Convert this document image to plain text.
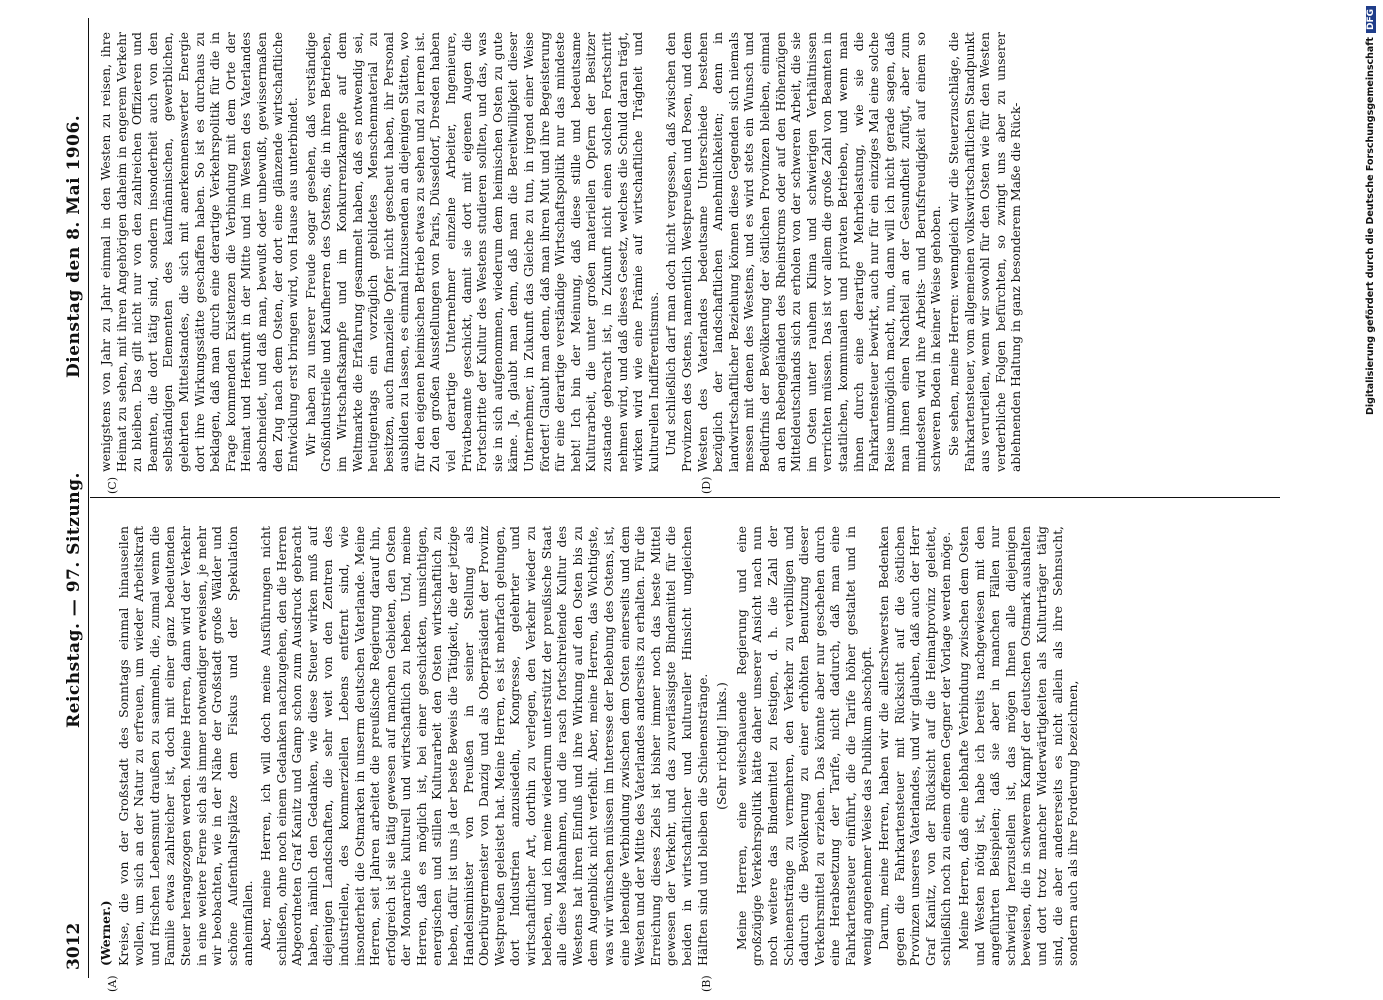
3012
Reichstag. — 97. Sitzung.
Dienstag den 8. Mai 1906.
(A)	(B)
(C)	(D)

(Werner.) Kreise, die von der Großstadt des Sonntags einmal hinauseilen wollen, um sich an der Natur zu erfreuen, um wieder Arbeitskraft und frischen Lebensmut draußen zu sammeln, die, zumal wenn die Familie etwas zahlreicher ist, doch mit einer ganz bedeutenden Steuer herangezogen werden. Meine Herren, dann wird der Verkehr in eine weitere Ferne sich als immer notwendiger erweisen, je mehr wir beobachten, wie in der Nähe der Großstadt große Wälder und schöne Aufenthaltsplätze dem Fiskus und der Spekulation anheimfallen. Aber, meine Herren, ich will doch meine Ausführungen nicht schließen, ohne noch einem Gedanken nachzugehen, den die Herren Abgeordneten Graf Kanitz und Gamp schon zum Ausdruck gebracht haben, nämlich den Gedanken, wie diese Steuer wirken muß auf diejenigen Landschaften, die sehr weit von den Zentren des industriellen, des kommerziellen Lebens entfernt sind, wie insonderheit die Ostmarken in unserm deutschen Vaterlande. Meine Herren, seit Jahren arbeitet die preußische Regierung darauf hin, erfolgreich ist sie tätig gewesen auf manchen Gebieten, den Osten der Monarchie kulturell und wirtschaftlich zu heben. Und, meine Herren, daß es möglich ist, bei einer geschickten, umsichtigen, energischen und stillen Kulturarbeit den Osten wirtschaftlich zu heben, dafür ist uns ja der beste Beweis die Tätigkeit, die der jetzige Handelsminister von Preußen in seiner Stellung als Oberbürgermeister von Danzig und als Oberpräsident der Provinz Westpreußen geleistet hat. Meine Herren, es ist mehrfach gelungen, dort Industrien anzusiedeln, Kongresse, gelehrter und wirtschaftlicher Art, dorthin zu verlegen, den Verkehr wieder zu beleben, und ich meine wiederum unterstützt der preußische Staat alle diese Maßnahmen, und die rasch fortschreitende Kultur des Westens hat ihren Einfluß und ihre Wirkung auf den Osten bis zu dem Augenblick nicht verfehlt. Aber, meine Herren, das Wichtigste, was wir wünschen müssen im Interesse der Belebung des Ostens, ist, eine lebendige Verbindung zwischen dem Osten einerseits und dem Westen und der Mitte des Vaterlandes anderseits zu erhalten. Für die Erreichung dieses Ziels ist bisher immer noch das beste Mittel gewesen der Verkehr, und das zuverlässigste Bindemittel für die beiden in wirtschaftlicher und kultureller Hinsicht ungleichen Hälften sind und bleiben die Schienenstränge. (Sehr richtig! links.) Meine Herren, eine weitschauende Regierung und eine großzügige Verkehrspolitik hätte daher unserer Ansicht nach nun noch weitere das Bindemittel zu festigen, d. h. die Zahl der Schienenstränge zu vermehren, den Verkehr zu verbilligen und dadurch die Bevölkerung zu einer erhöhten Benutzung dieser Verkehrsmittel zu erziehen. Das könnte aber nur geschehen durch eine Herabsetzung der Tarife, nicht dadurch, daß man eine Fahrkartensteuer einführt, die die Tarife höher gestaltet und in wenig angenehmer Weise das Publikum abschöpft. Darum, meine Herren, haben wir die allerschwersten Bedenken gegen die Fahrkartensteuer mit Rücksicht auf die östlichen Provinzen unseres Vaterlandes, und wir glauben, daß auch der Herr Graf Kanitz, von der Rücksicht auf die Heimatprovinz geleitet, schließlich noch zu einem offenen Gegner der Vorlage werden möge. Meine Herren, daß eine lebhafte Verbindung zwischen dem Osten und Westen nötig ist, habe ich bereits nachgewiesen mit den angeführten Beispielen; daß sie aber in manchen Fällen nur schwierig herzustellen ist, das mögen Ihnen alle diejenigen beweisen, die in schwerem Kampf der deutschen Ostmark aushalten und dort trotz mancher Widerwärtigkeiten als Kulturträger tätig sind, die aber andererseits es nicht allein als ihre Sehnsucht, sondern auch als ihre Forderung bezeichnen,

wenigstens von Jahr zu Jahr einmal in den Westen zu reisen, ihre Heimat zu sehen, mit ihren Angehörigen daheim in engerem Verkehr zu bleiben. Das gilt nicht nur von den zahlreichen Offizieren und Beamten, die dort tätig sind, sondern insonderheit auch von den selbständigen Elementen des kaufmännischen, gewerblichen, gelehrten Mittelstandes, die sich mit anerkennenswerter Energie dort ihre Wirkungsstätte geschaffen haben. So ist es durchaus zu beklagen, daß man durch eine derartige Verkehrspolitik für die in Frage kommenden Existenzen die Verbindung mit dem Orte der Heimat und Herkunft in der Mitte und im Westen des Vaterlandes abschneidet, und daß man, bewußt oder unbewußt, gewissermaßen den Zug nach dem Osten, der dort eine glänzende wirtschaftliche Entwicklung erst bringen wird, von Hause aus unterbindet. Wir haben zu unserer Freude sogar gesehen, daß verständige Großindustrielle und Kaufherren des Ostens, die in ihren Betrieben, im Wirtschaftskampfe und im Konkurrenzkampfe auf dem Weltmarkte die Erfahrung gesammelt haben, daß es notwendig sei, heutigentags ein vorzüglich gebildetes Menschenmaterial zu besitzen, auch finanzielle Opfer nicht gescheut haben, ihr Personal ausbilden zu lassen, es einmal hinzusenden an diejenigen Stätten, wo für den eigenen heimischen Betrieb etwas zu sehen und zu lernen ist. Zu den großen Ausstellungen von Paris, Düsseldorf, Dresden haben viel derartige Unternehmer einzelne Arbeiter, Ingenieure, Privatbeamte geschickt, damit sie dort mit eigenen Augen die Fortschritte der Kultur des Westens studieren sollten, und das, was sie in sich aufgenommen, wiederum dem heimischen Osten zu gute käme. Ja, glaubt man denn, daß man die Bereitwilligkeit dieser Unternehmer, in Zukunft das Gleiche zu tun, in irgend einer Weise fördert! Glaubt man denn, daß man ihren Mut und ihre Begeisterung für eine derartige verständige Wirtschaftspolitik nur das mindeste hebt! Ich bin der Meinung, daß diese stille und bedeutsame Kulturarbeit, die unter großen materiellen Opfern der Besitzer zustande gebracht ist, in Zukunft nicht einen solchen Fortschritt nehmen wird, und daß dieses Gesetz, welches die Schuld daran trägt, wirken wird wie eine Prämie auf wirtschaftliche Trägheit und kulturellen Indifferentismus. Und schließlich darf man doch nicht vergessen, daß zwischen den Provinzen des Ostens, namentlich Westpreußen und Posen, und dem Westen des Vaterlandes bedeutsame Unterschiede bestehen bezüglich der landschaftlichen Annehmlichkeiten; denn in landwirtschaftlicher Beziehung können diese Gegenden sich niemals messen mit denen des Westens, und es wird stets ein Wunsch und Bedürfnis der Bevölkerung der östlichen Provinzen bleiben, einmal an den Rebengeländen des Rheinstroms oder auf den Höhenzügen Mitteldeutschlands sich zu erholen von der schweren Arbeit, die sie im Osten unter rauhem Klima und schwierigen Verhältnissen verrichten müssen. Das ist vor allem die große Zahl von Beamten in staatlichen, kommunalen und privaten Betrieben, und wenn man ihnen durch eine derartige Mehrbelastung, wie sie die Fahrkartensteuer bewirkt, auch nur für ein einziges Mal eine solche Reise unmöglich macht, nun, dann will ich nicht gerade sagen, daß man ihnen einen Nachteil an der Gesundheit zufügt, aber zum mindesten wird ihre Arbeits- und Berufsfreudigkeit auf einem so schweren Boden in keiner Weise gehoben. Sie sehen, meine Herren: wenngleich wir die Steuerzuschläge, die Fahrkartensteuer, vom allgemeinen volkswirtschaftlichen Standpunkt aus verurteilen, wenn wir sowohl für den Osten wie für den Westen verderbliche Folgen befürchten, so zwingt uns aber zu unserer ablehnenden Haltung in ganz besonderem Maße die Rück-	Digitalisierung gefördert durch die Deutsche ForschungsgemeinschaftDFG
